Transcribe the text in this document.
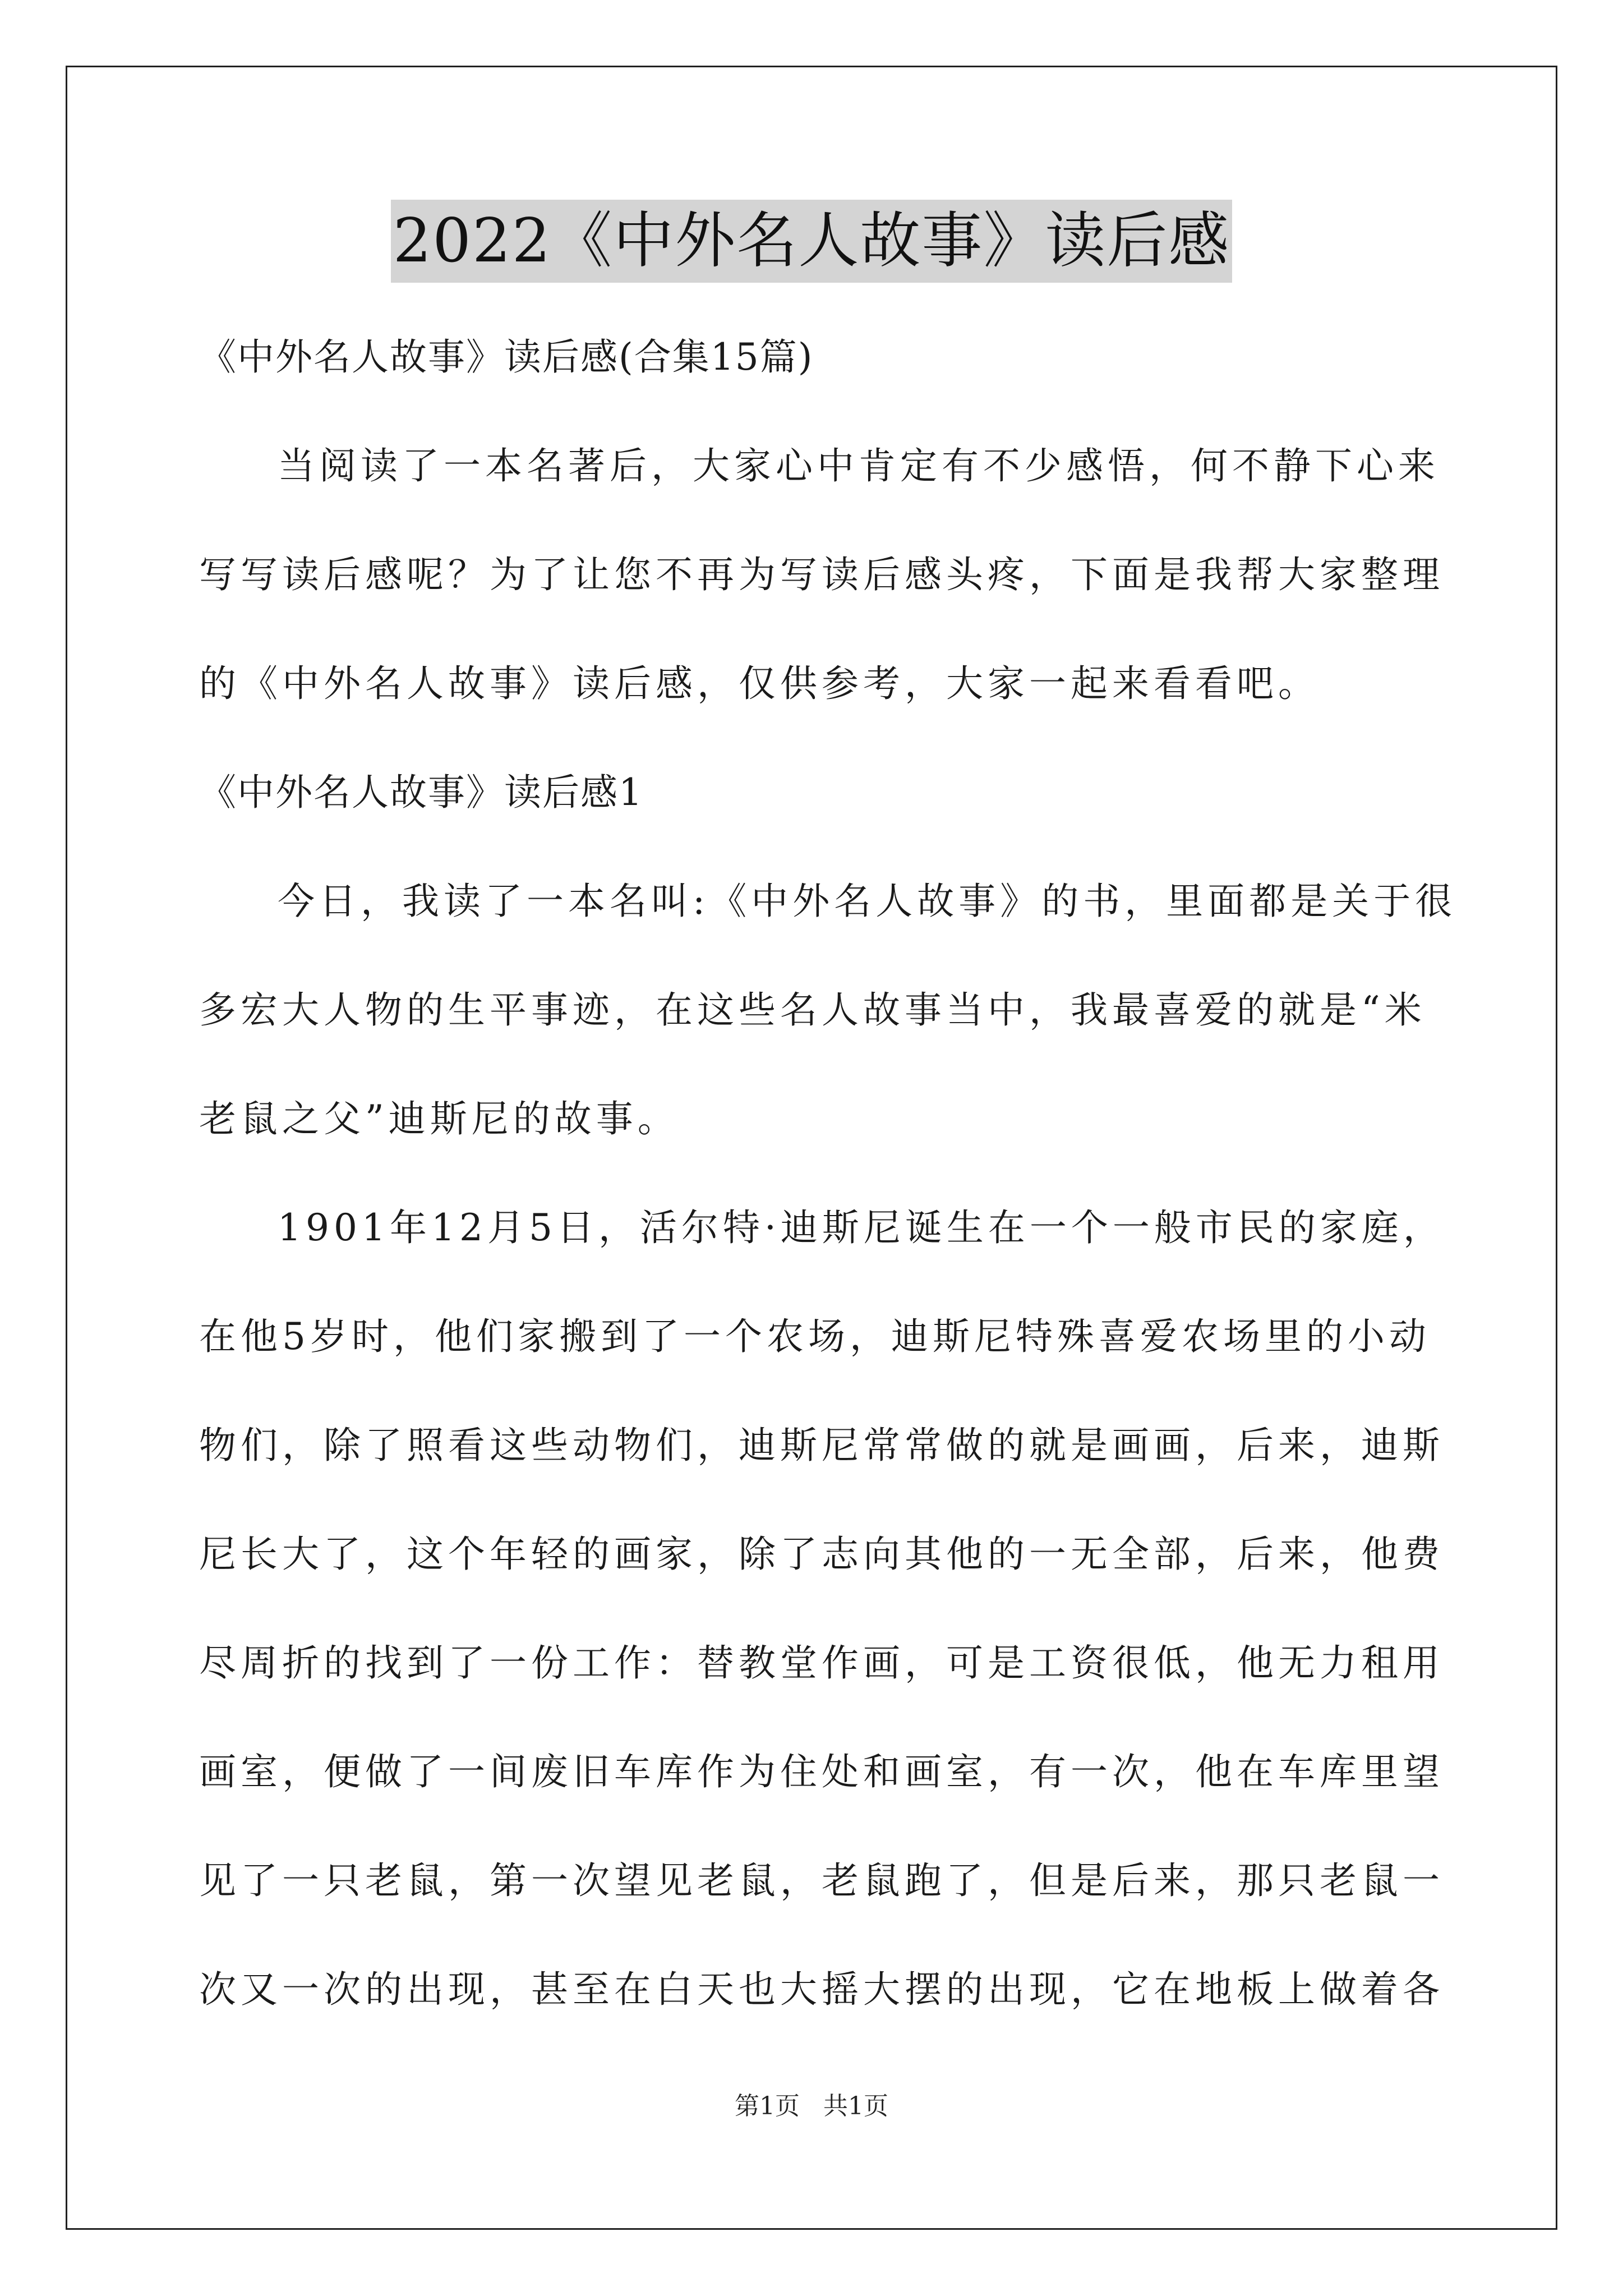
2022《中外名人故事》读后感
《中外名人故事》读后感(合集15篇)
当阅读了一本名著后，大家心中肯定有不少感悟，何不静下心来
写写读后感呢？为了让您不再为写读后感头疼，下面是我帮大家整理
的《中外名人故事》读后感，仅供参考，大家一起来看看吧。
《中外名人故事》读后感1
今日，我读了一本名叫:《中外名人故事》的书，里面都是关于很
多宏大人物的生平事迹，在这些名人故事当中，我最喜爱的就是“米
老鼠之父”迪斯尼的故事。
1901年12月5日，活尔特·迪斯尼诞生在一个一般市民的家庭，
在他5岁时，他们家搬到了一个农场，迪斯尼特殊喜爱农场里的小动
物们，除了照看这些动物们，迪斯尼常常做的就是画画，后来，迪斯
尼长大了，这个年轻的画家，除了志向其他的一无全部，后来，他费
尽周折的找到了一份工作：替教堂作画，可是工资很低，他无力租用
画室，便做了一间废旧车库作为住处和画室，有一次，他在车库里望
见了一只老鼠，第一次望见老鼠，老鼠跑了，但是后来，那只老鼠一
次又一次的出现，甚至在白天也大摇大摆的出现，它在地板上做着各
第1页   共1页
